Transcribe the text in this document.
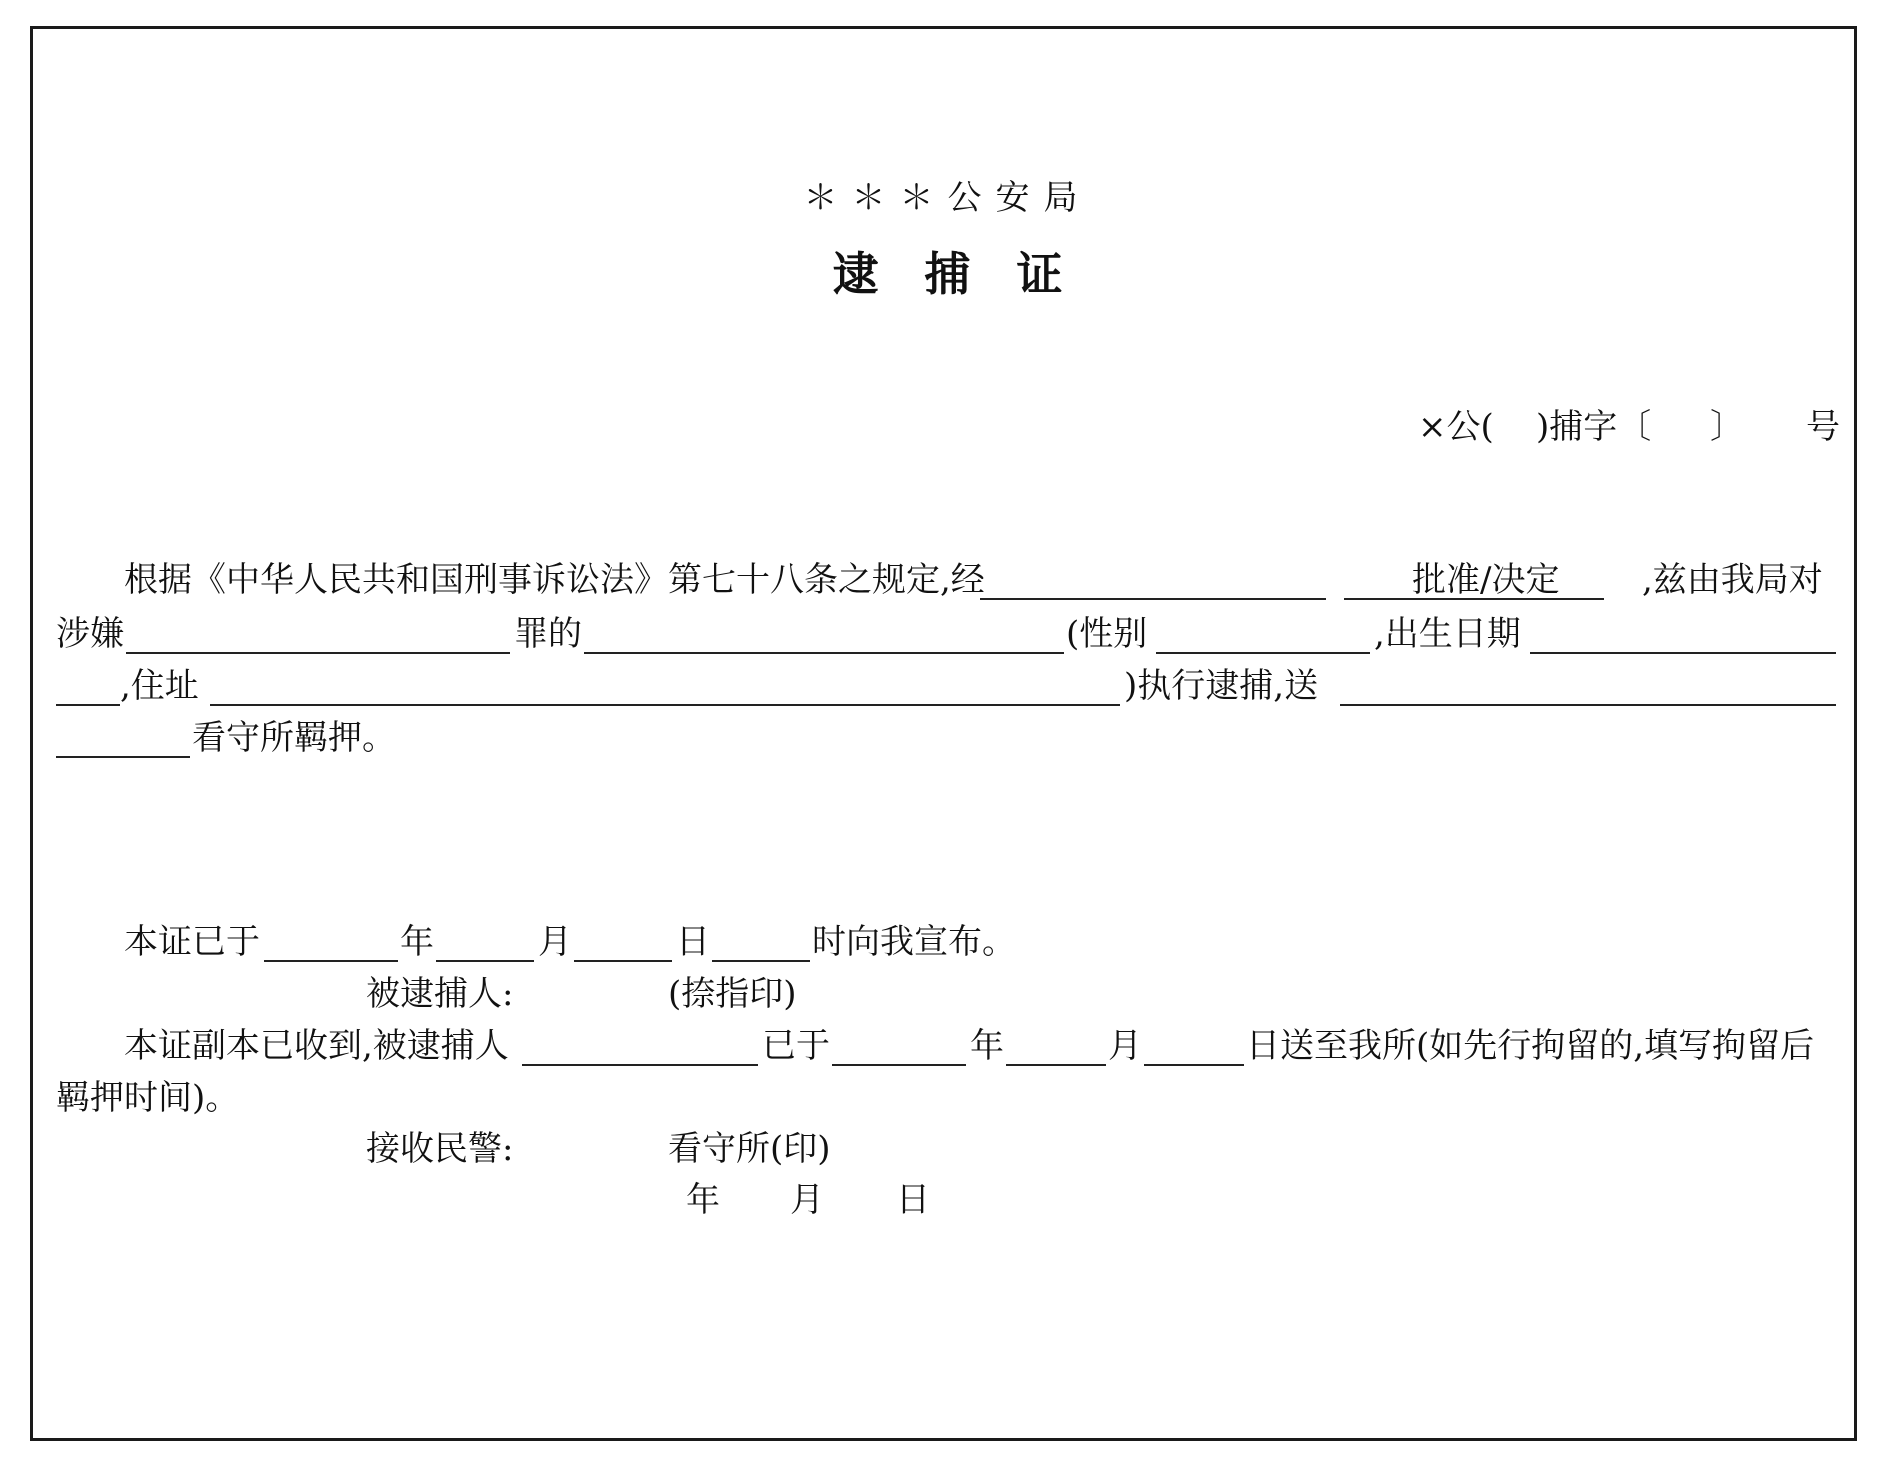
＊＊＊公安局
逮捕证
×公( )捕字〔 〕 号
根据《中华人民共和国刑事诉讼法》第七十八条之规定,经	批准/决定 ,兹由我局对
涉嫌	罪的	(性别	,出生日期
,住址	)执行逮捕,送
看守所羁押。
本证已于	年	月	日	时向我宣布。
被逮捕人:	(捺指印)
本证副本已收到,被逮捕人	已于	年	月	日送至我所(如先行拘留的,填写拘留后
羁押时间)。
接收民警:	看守所(印)
年 月 日
